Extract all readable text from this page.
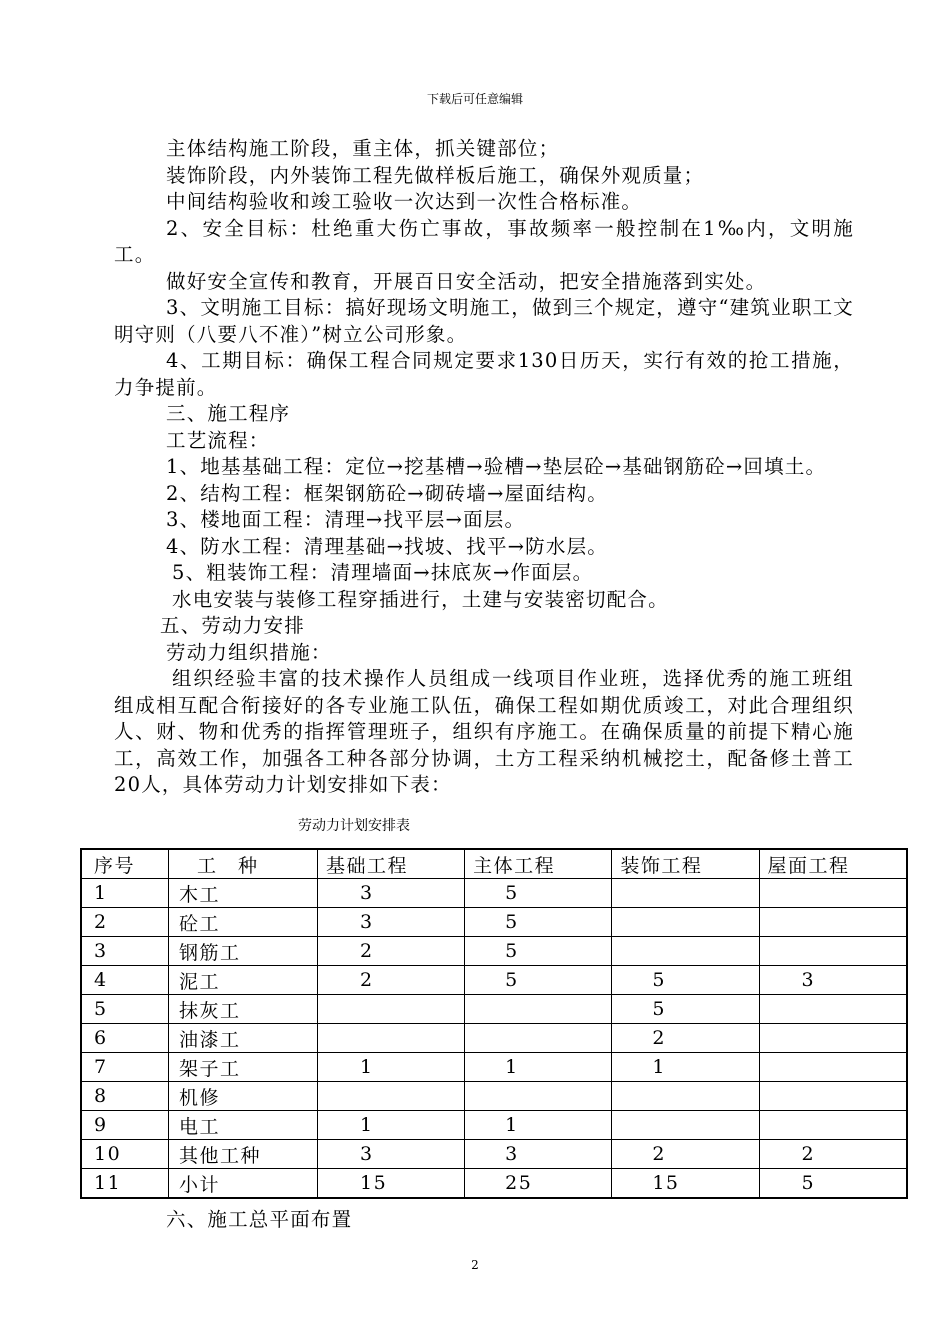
下载后可任意编辑
主体结构施工阶段，重主体，抓关键部位；
装饰阶段，内外装饰工程先做样板后施工，确保外观质量；
中间结构验收和竣工验收一次达到一次性合格标准。
2、安全目标：杜绝重大伤亡事故，事故频率一般控制在1‰内，文明施工。
做好安全宣传和教育，开展百日安全活动，把安全措施落到实处。
3、文明施工目标：搞好现场文明施工，做到三个规定，遵守“建筑业职工文明守则（八要八不准）”树立公司形象。
4、工期目标：确保工程合同规定要求130日历天，实行有效的抢工措施，力争提前。
三、施工程序
工艺流程：
1、地基基础工程：定位→挖基槽→验槽→垫层砼→基础钢筋砼→回填土。
2、结构工程：框架钢筋砼→砌砖墙→屋面结构。
3、楼地面工程：清理→找平层→面层。
4、防水工程：清理基础→找坡、找平→防水层。
5、粗装饰工程：清理墙面→抹底灰→作面层。
水电安装与装修工程穿插进行，土建与安装密切配合。
五、劳动力安排
劳动力组织措施：
组织经验丰富的技术操作人员组成一线项目作业班，选择优秀的施工班组组成相互配合衔接好的各专业施工队伍，确保工程如期优质竣工，对此合理组织人、财、物和优秀的指挥管理班子，组织有序施工。在确保质量的前提下精心施工，高效工作，加强各工种各部分协调，土方工程采纳机械挖土，配备修土普工20人，具体劳动力计划安排如下表：
劳动力计划安排表
序号	工　种	基础工程	主体工程	装饰工程	屋面工程
1	木工	3	5		
2	砼工	3	5		
3	钢筋工	2	5		
4	泥工	2	5	5	3
5	抹灰工			5	
6	油漆工			2	
7	架子工	1	1	1	
8	机修				
9	电工	1	1		
10	其他工种	3	3	2	2
11	小计	15	25	15	5
六、施工总平面布置
2
